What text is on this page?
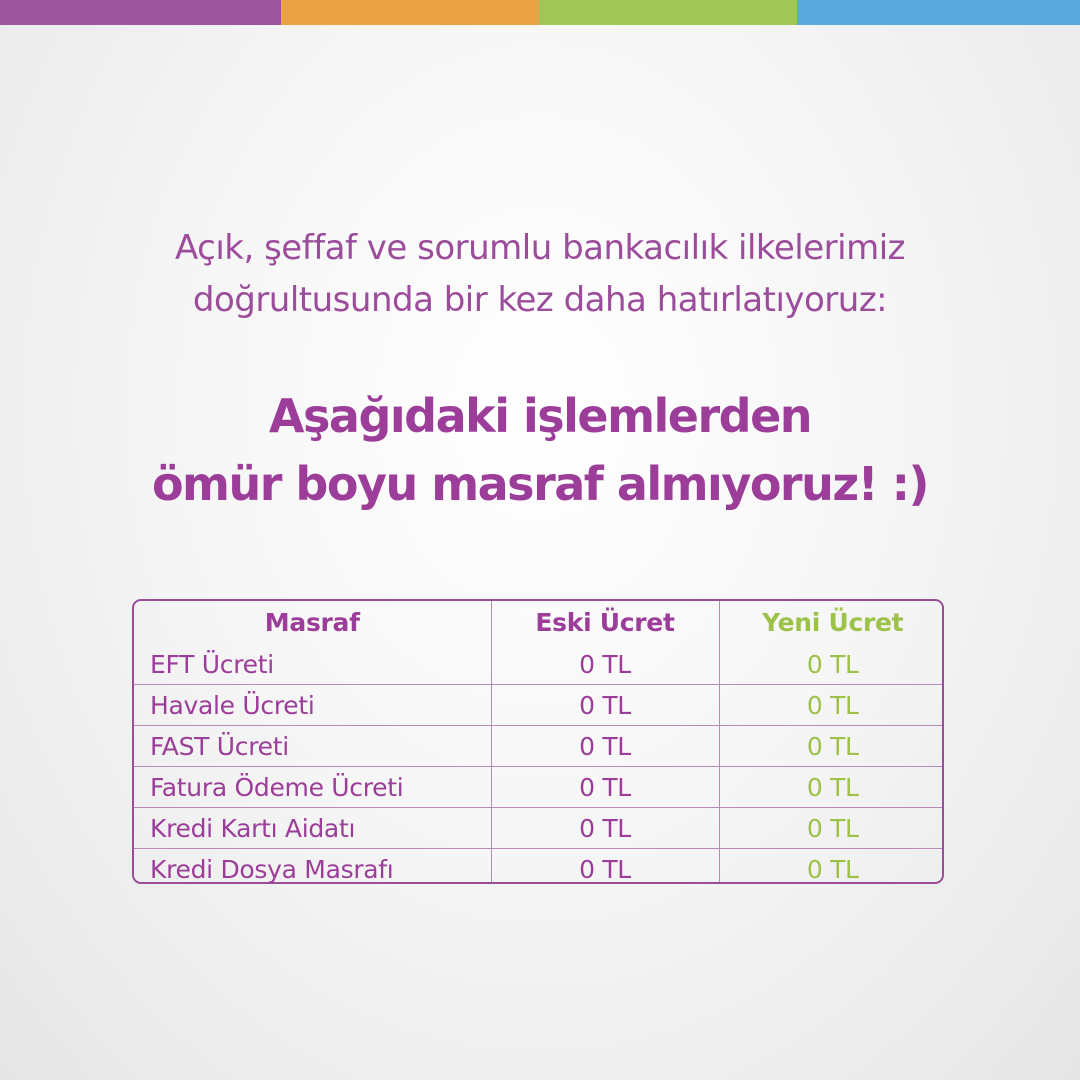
Açık, şeffaf ve sorumlu bankacılık ilkelerimiz
doğrultusunda bir kez daha hatırlatıyoruz:
Aşağıdaki işlemlerden
ömür boyu masraf almıyoruz! :)
Masraf	Eski Ücret	Yeni Ücret
EFT Ücreti	0 TL	0 TL
Havale Ücreti	0 TL	0 TL
FAST Ücreti	0 TL	0 TL
Fatura Ödeme Ücreti	0 TL	0 TL
Kredi Kartı Aidatı	0 TL	0 TL
Kredi Dosya Masrafı	0 TL	0 TL
